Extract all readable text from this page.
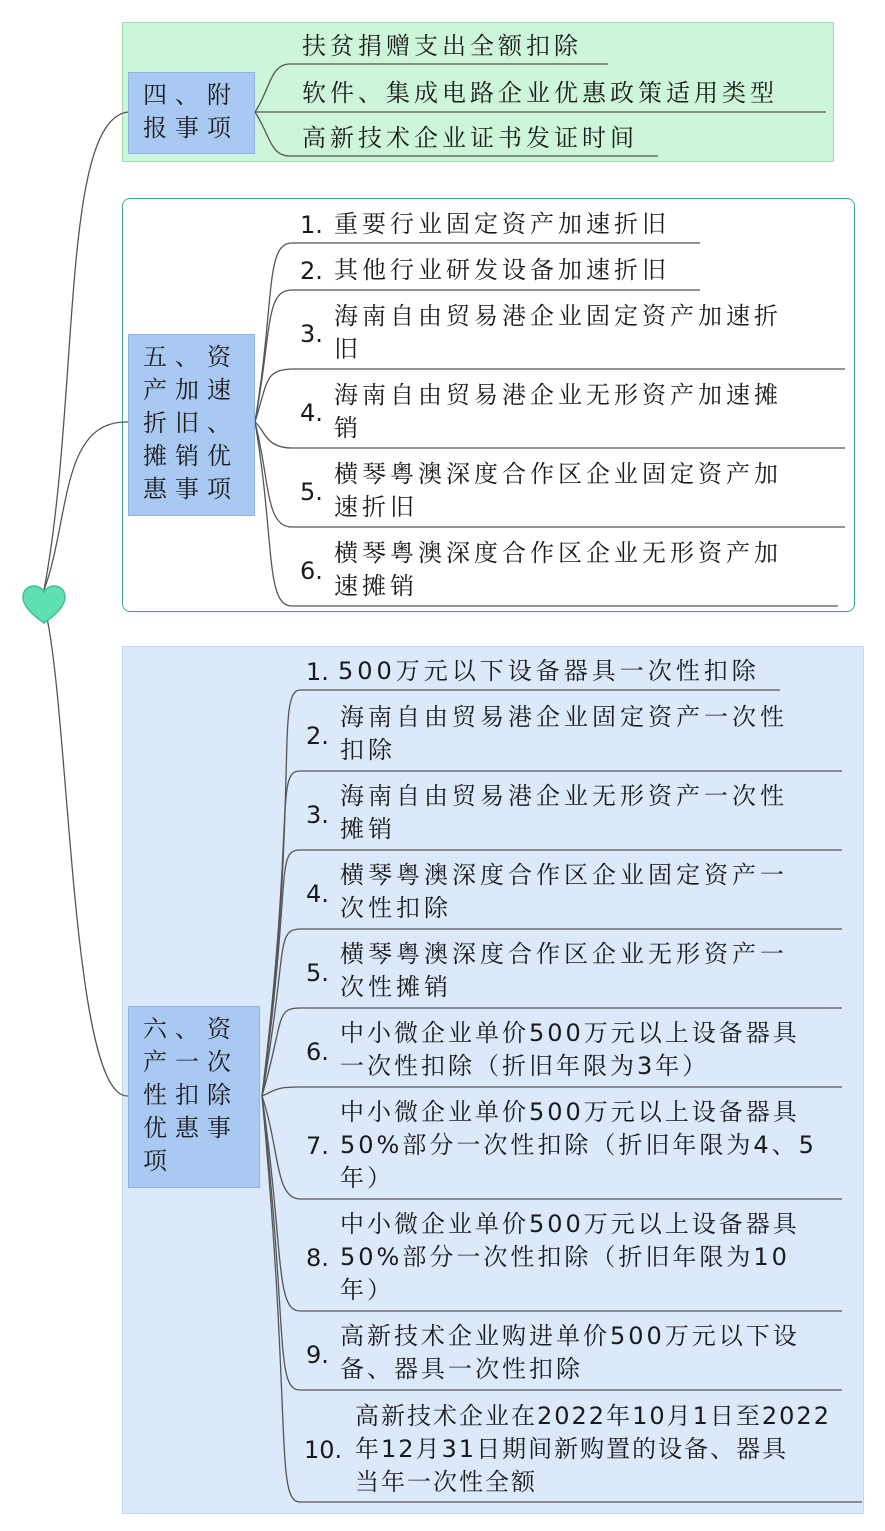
四、附
报事项
五、资
产加速
折旧、
摊销优
惠事项
六、资
产一次
性扣除
优惠事
项
扶贫捐赠支出全额扣除
软件、集成电路企业优惠政策适用类型
高新技术企业证书发证时间
1. 重要行业固定资产加速折旧
2. 其他行业研发设备加速折旧
3.
海南自由贸易港企业固定资产加速折
旧
4.
海南自由贸易港企业无形资产加速摊
销
5.
横琴粤澳深度合作区企业固定资产加
速折旧
6.
横琴粤澳深度合作区企业无形资产加
速摊销
1. 500万元以下设备器具一次性扣除
2.
海南自由贸易港企业固定资产一次性
扣除
3.
海南自由贸易港企业无形资产一次性
摊销
4.
横琴粤澳深度合作区企业固定资产一
次性扣除
5.
横琴粤澳深度合作区企业无形资产一
次性摊销
6.
中小微企业单价500万元以上设备器具
一次性扣除（折旧年限为3年）
7.
中小微企业单价500万元以上设备器具
50%部分一次性扣除（折旧年限为4、5
年）
8.
中小微企业单价500万元以上设备器具
50%部分一次性扣除（折旧年限为10
年）
9.
高新技术企业购进单价500万元以下设
备、器具一次性扣除
10.
高新技术企业在2022年10月1日至2022
年12月31日期间新购置的设备、器具
当年一次性全额
